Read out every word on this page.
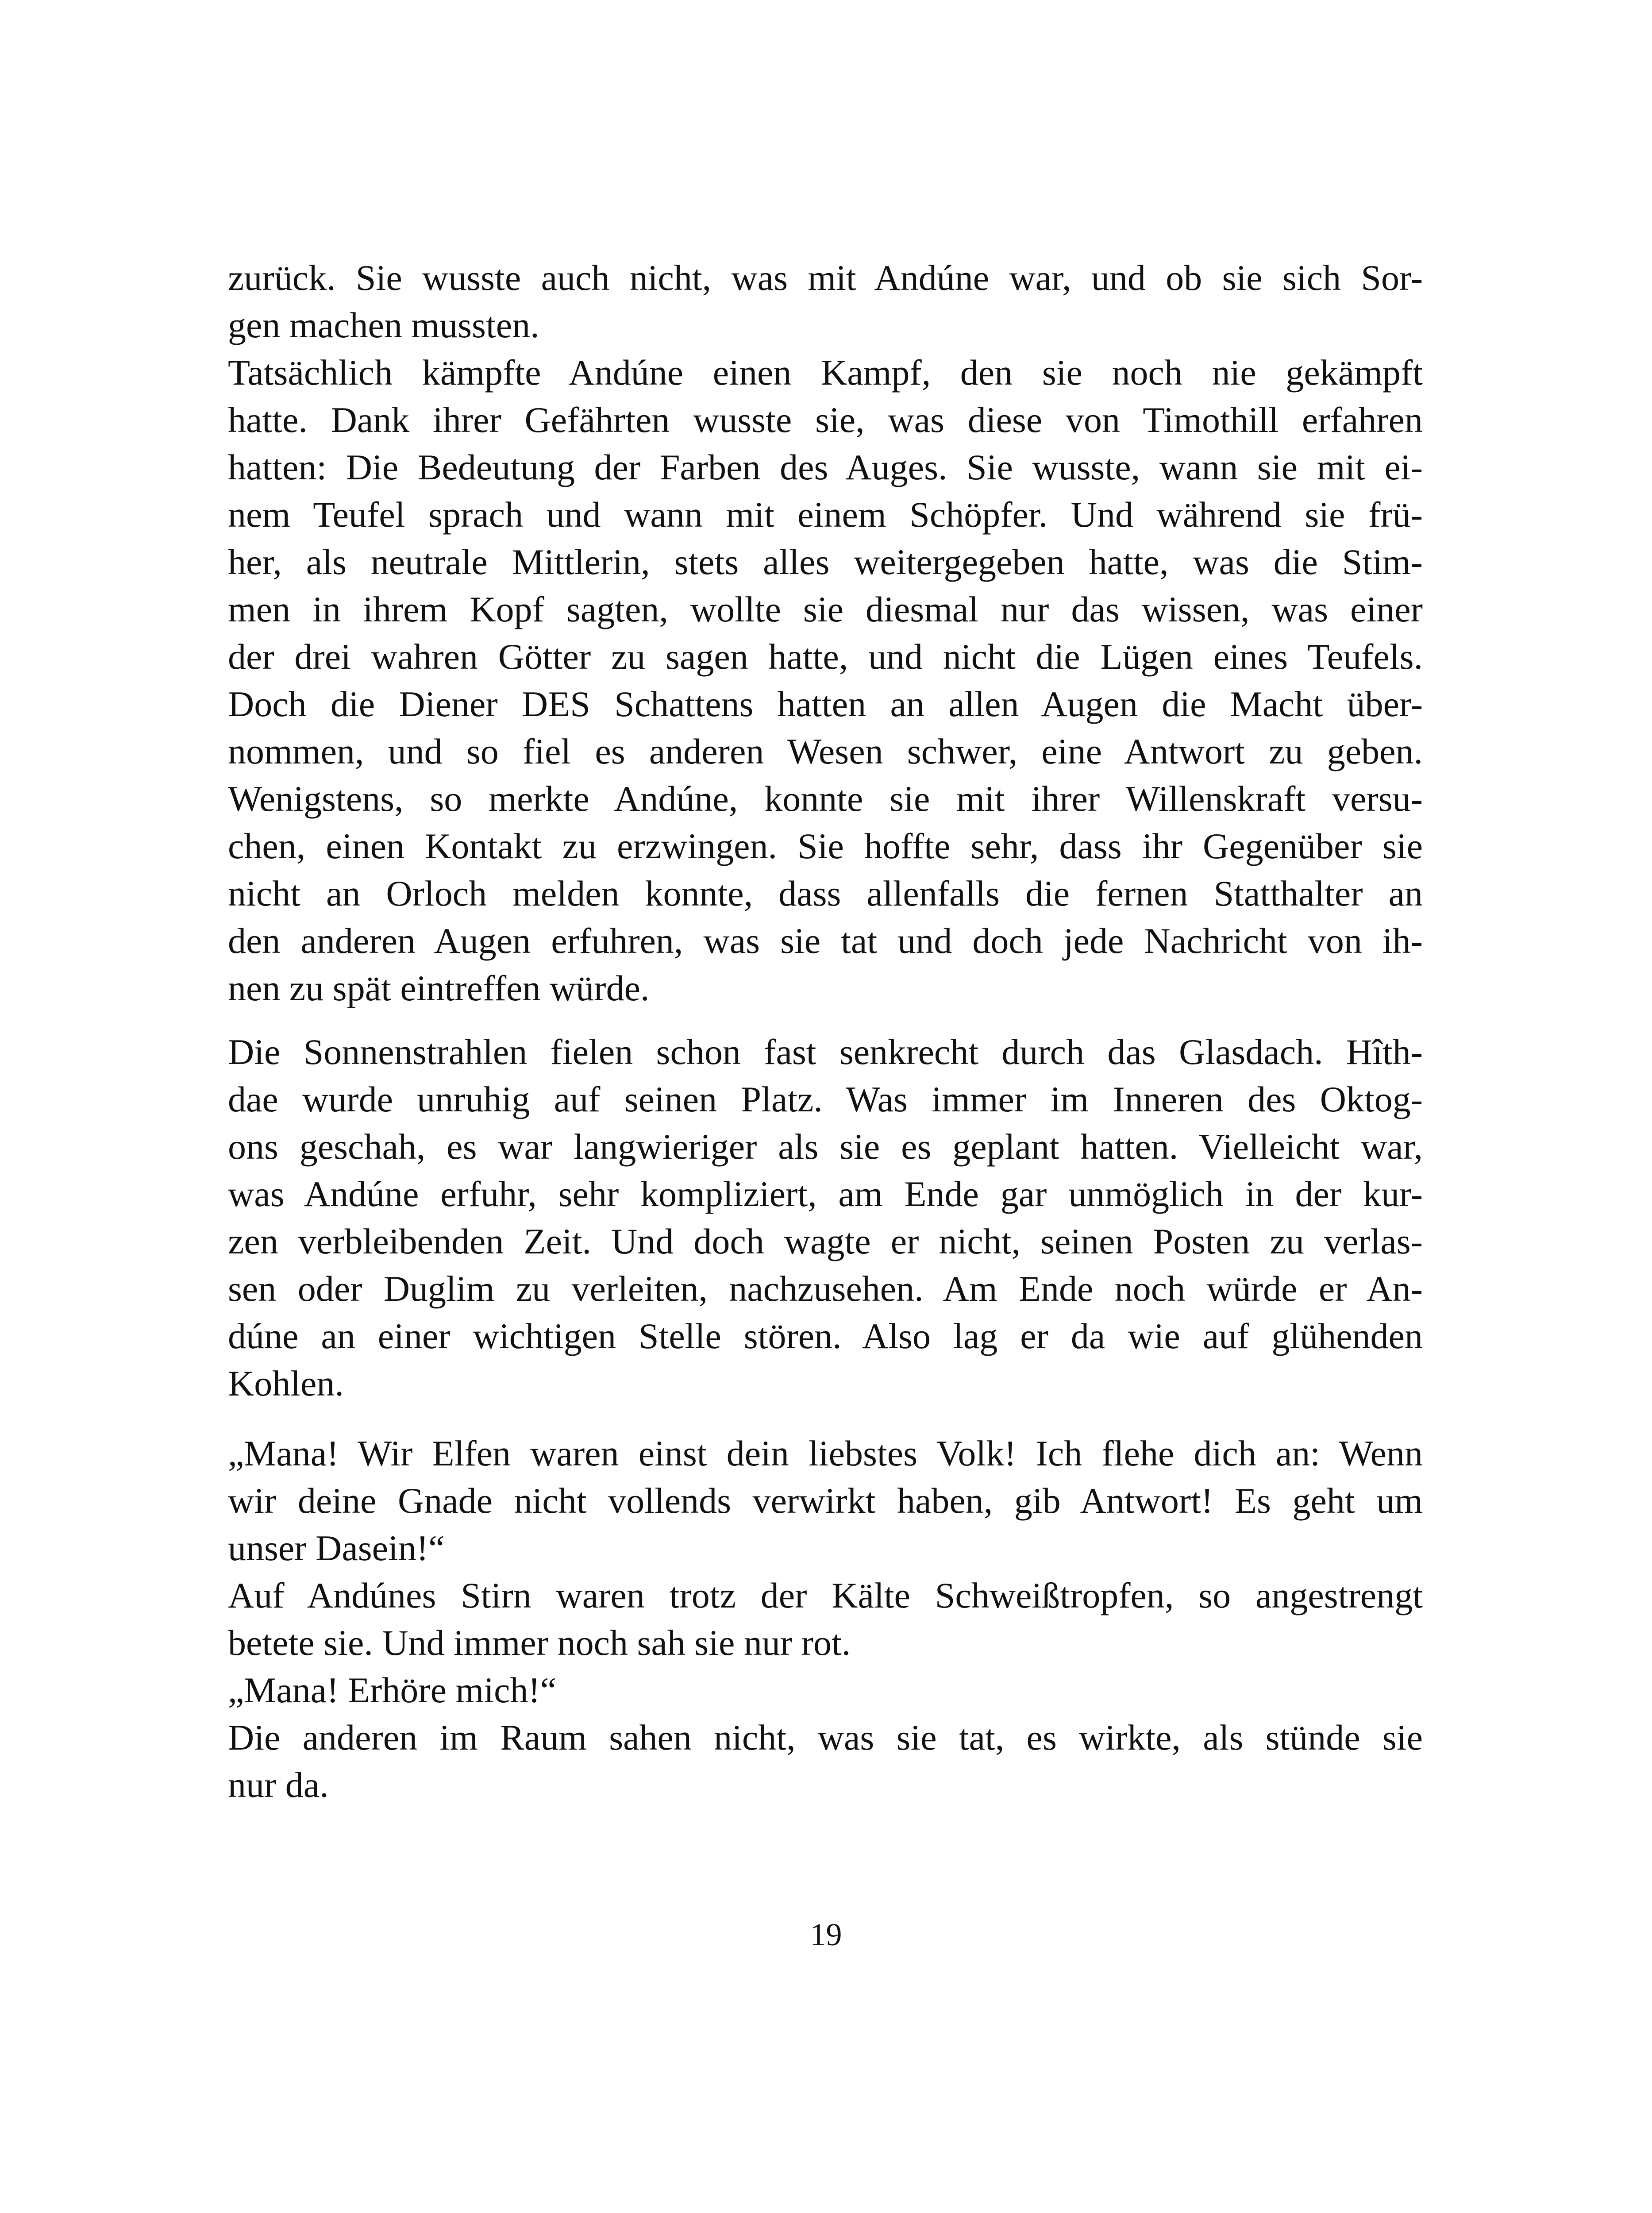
zurück. Sie wusste auch nicht, was mit Andúne war, und ob sie sich Sor-
gen machen mussten.
Tatsächlich kämpfte Andúne einen Kampf, den sie noch nie gekämpft
hatte. Dank ihrer Gefährten wusste sie, was diese von Timothill erfahren
hatten: Die Bedeutung der Farben des Auges. Sie wusste, wann sie mit ei-
nem Teufel sprach und wann mit einem Schöpfer. Und während sie frü-
her, als neutrale Mittlerin, stets alles weitergegeben hatte, was die Stim-
men in ihrem Kopf sagten, wollte sie diesmal nur das wissen, was einer
der drei wahren Götter zu sagen hatte, und nicht die Lügen eines Teufels.
Doch die Diener DES Schattens hatten an allen Augen die Macht über-
nommen, und so fiel es anderen Wesen schwer, eine Antwort zu geben.
Wenigstens, so merkte Andúne, konnte sie mit ihrer Willenskraft versu-
chen, einen Kontakt zu erzwingen. Sie hoffte sehr, dass ihr Gegenüber sie
nicht an Orloch melden konnte, dass allenfalls die fernen Statthalter an
den anderen Augen erfuhren, was sie tat und doch jede Nachricht von ih-
nen zu spät eintreffen würde.
Die Sonnenstrahlen fielen schon fast senkrecht durch das Glasdach. Hîth-
dae wurde unruhig auf seinen Platz. Was immer im Inneren des Oktog-
ons geschah, es war langwieriger als sie es geplant hatten. Vielleicht war,
was Andúne erfuhr, sehr kompliziert, am Ende gar unmöglich in der kur-
zen verbleibenden Zeit. Und doch wagte er nicht, seinen Posten zu verlas-
sen oder Duglim zu verleiten, nachzusehen. Am Ende noch würde er An-
dúne an einer wichtigen Stelle stören. Also lag er da wie auf glühenden
Kohlen.
„Mana! Wir Elfen waren einst dein liebstes Volk! Ich flehe dich an: Wenn
wir deine Gnade nicht vollends verwirkt haben, gib Antwort! Es geht um
unser Dasein!“
Auf Andúnes Stirn waren trotz der Kälte Schweißtropfen, so angestrengt
betete sie. Und immer noch sah sie nur rot.
„Mana! Erhöre mich!“
Die anderen im Raum sahen nicht, was sie tat, es wirkte, als stünde sie
nur da.
19
